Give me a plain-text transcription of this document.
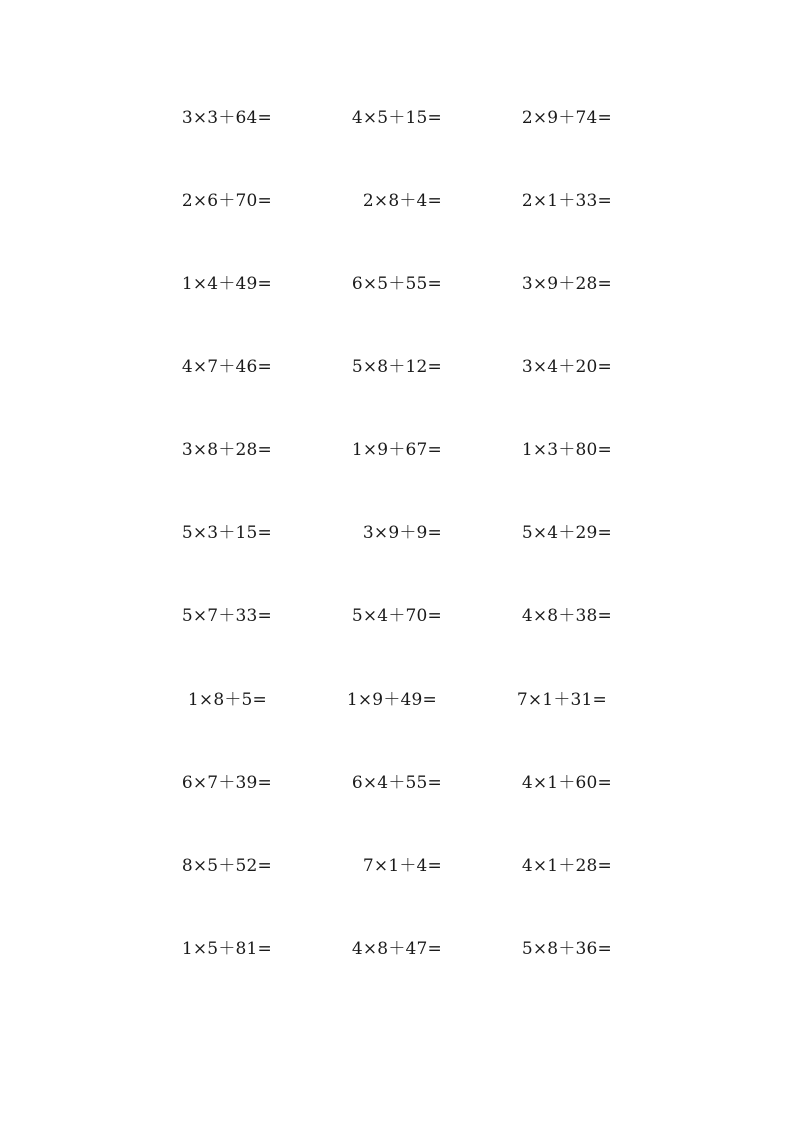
3×3＋64=	4×5＋15=	2×9＋74=
2×6＋70=	2×8＋4=	2×1＋33=
1×4＋49=	6×5＋55=	3×9＋28=
4×7＋46=	5×8＋12=	3×4＋20=
3×8＋28=	1×9＋67=	1×3＋80=
5×3＋15=	3×9＋9=	5×4＋29=
5×7＋33=	5×4＋70=	4×8＋38=
1×8＋5=	1×9＋49=	7×1＋31=
6×7＋39=	6×4＋55=	4×1＋60=
8×5＋52=	7×1＋4=	4×1＋28=
1×5＋81=	4×8＋47=	5×8＋36=
